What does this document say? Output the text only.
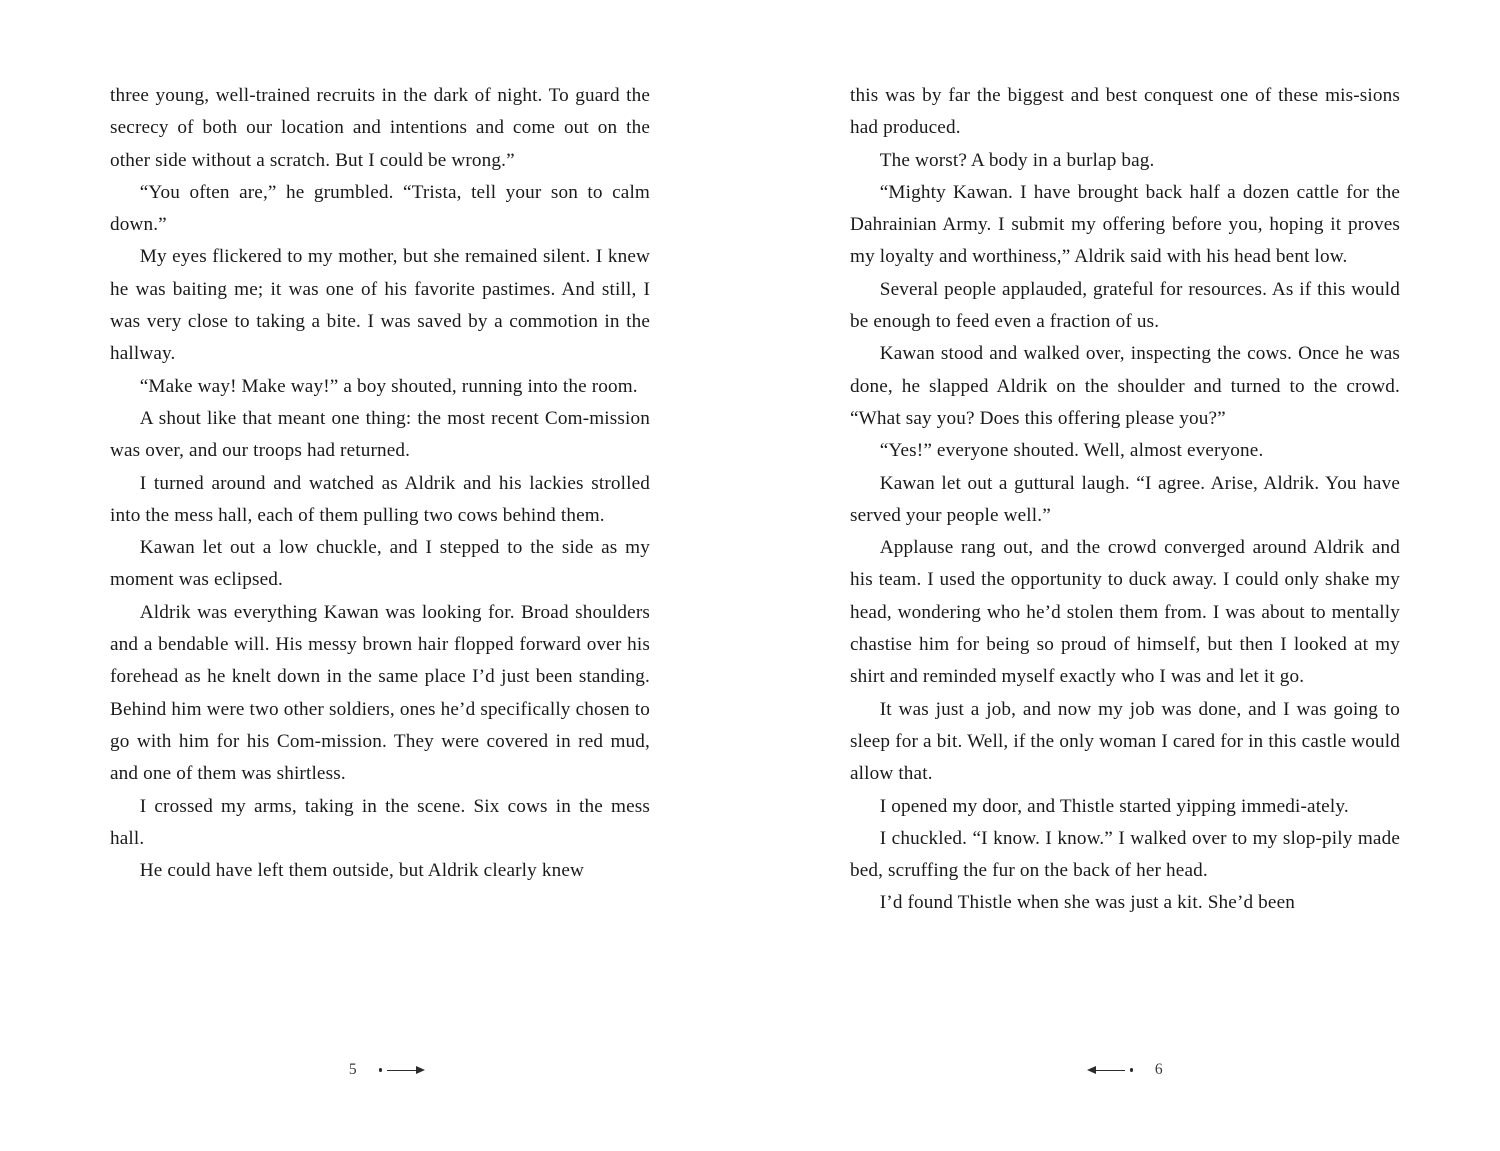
three young, well-trained recruits in the dark of night. To guard the secrecy of both our location and intentions and come out on the other side without a scratch. But I could be wrong.”

“You often are,” he grumbled. “Trista, tell your son to calm down.”

My eyes flickered to my mother, but she remained silent. I knew he was baiting me; it was one of his favorite pastimes. And still, I was very close to taking a bite. I was saved by a commotion in the hallway.

“Make way! Make way!” a boy shouted, running into the room.

A shout like that meant one thing: the most recent Com-mission was over, and our troops had returned.

I turned around and watched as Aldrik and his lackies strolled into the mess hall, each of them pulling two cows behind them.

Kawan let out a low chuckle, and I stepped to the side as my moment was eclipsed.

Aldrik was everything Kawan was looking for. Broad shoulders and a bendable will. His messy brown hair flopped forward over his forehead as he knelt down in the same place I’d just been standing. Behind him were two other soldiers, ones he’d specifically chosen to go with him for his Com-mission. They were covered in red mud, and one of them was shirtless.

I crossed my arms, taking in the scene. Six cows in the mess hall.

He could have left them outside, but Aldrik clearly knew

5

this was by far the biggest and best conquest one of these mis-sions had produced.

The worst? A body in a burlap bag.

“Mighty Kawan. I have brought back half a dozen cattle for the Dahrainian Army. I submit my offering before you, hoping it proves my loyalty and worthiness,” Aldrik said with his head bent low.

Several people applauded, grateful for resources. As if this would be enough to feed even a fraction of us.

Kawan stood and walked over, inspecting the cows. Once he was done, he slapped Aldrik on the shoulder and turned to the crowd. “What say you? Does this offering please you?”

“Yes!” everyone shouted. Well, almost everyone.

Kawan let out a guttural laugh. “I agree. Arise, Aldrik. You have served your people well.”

Applause rang out, and the crowd converged around Aldrik and his team. I used the opportunity to duck away. I could only shake my head, wondering who he’d stolen them from. I was about to mentally chastise him for being so proud of himself, but then I looked at my shirt and reminded myself exactly who I was and let it go.

It was just a job, and now my job was done, and I was going to sleep for a bit. Well, if the only woman I cared for in this castle would allow that.

I opened my door, and Thistle started yipping immedi-ately.

I chuckled. “I know. I know.” I walked over to my slop-pily made bed, scruffing the fur on the back of her head.

I’d found Thistle when she was just a kit. She’d been

6
